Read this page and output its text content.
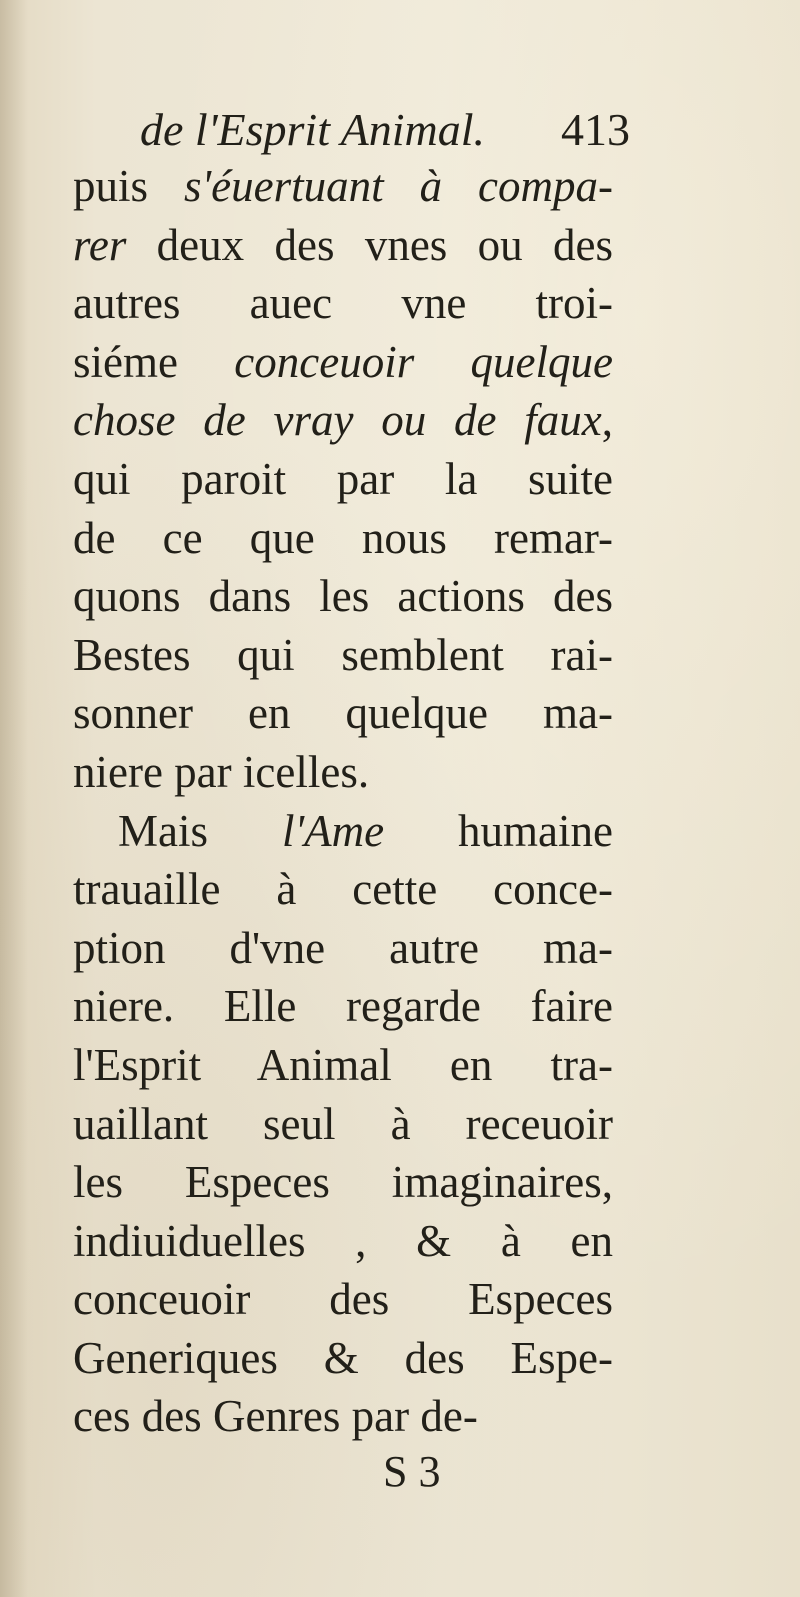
de l'Esprit Animal. 413
puis s'éuertuant à compa-
rer deux des vnes ou des
autres auec vne troi-
siéme conceuoir quelque
chose de vray ou de faux,
qui paroit par la suite
de ce que nous remar-
quons dans les actions des
Bestes qui semblent rai-
sonner en quelque ma-
niere par icelles.
Mais l'Ame humaine
trauaille à cette conce-
ption d'vne autre ma-
niere. Elle regarde faire
l'Esprit Animal en tra-
uaillant seul à receuoir
les Especes imaginaires,
indiuiduelles , & à en
conceuoir des Especes
Generiques & des Espe-
ces des Genres par de-
S 3
